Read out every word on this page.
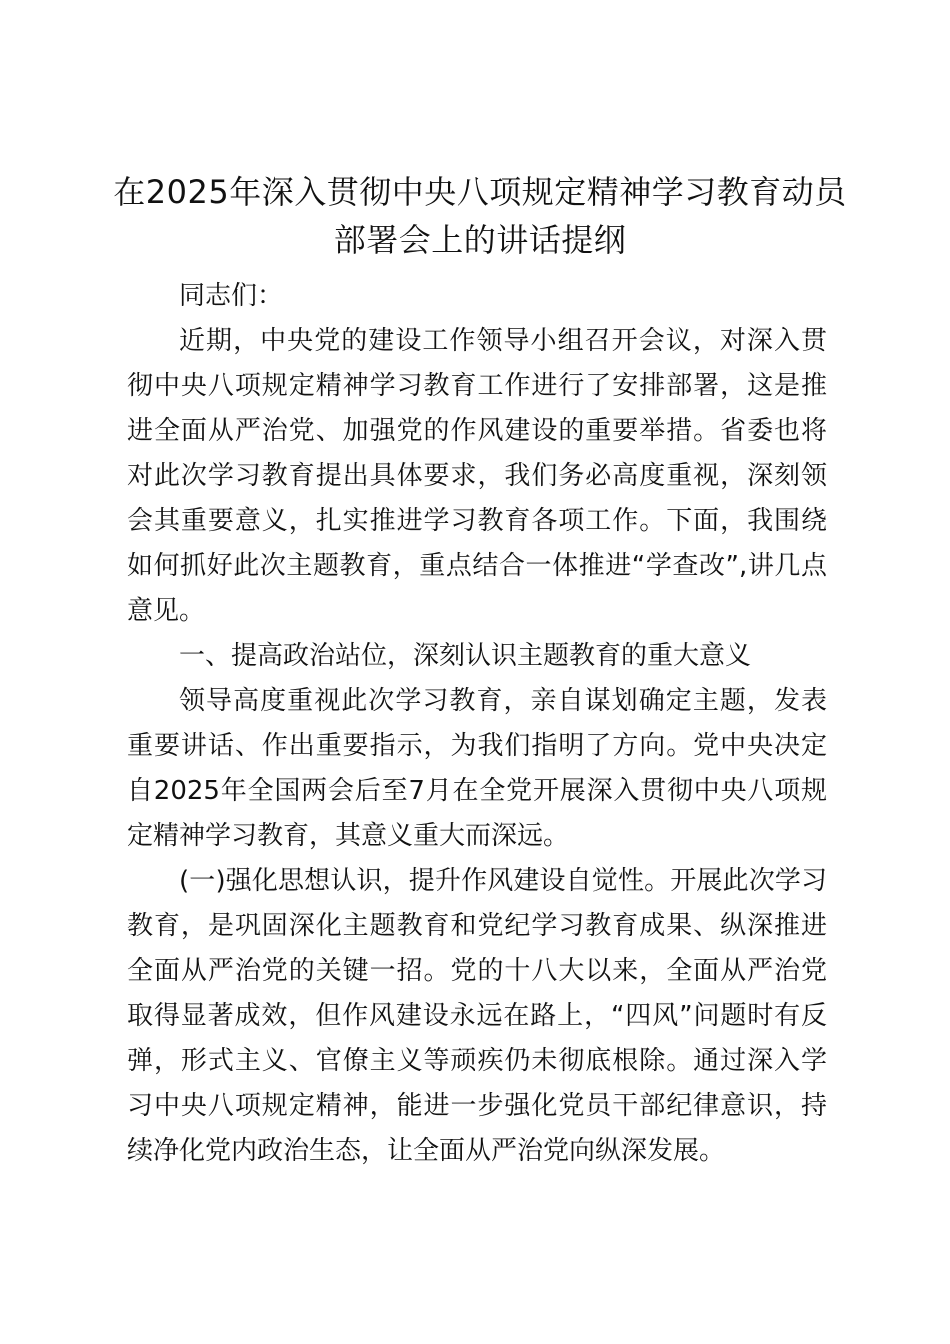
在2025年深入贯彻中央八项规定精神学习教育动员部署会上的讲话提纲

同志们：

近期，中央党的建设工作领导小组召开会议，对深入贯彻中央八项规定精神学习教育工作进行了安排部署，这是推进全面从严治党、加强党的作风建设的重要举措。省委也将对此次学习教育提出具体要求，我们务必高度重视，深刻领会其重要意义，扎实推进学习教育各项工作。下面，我围绕如何抓好此次主题教育，重点结合一体推进“学查改”,讲几点意见。

一、提高政治站位，深刻认识主题教育的重大意义

领导高度重视此次学习教育，亲自谋划确定主题，发表重要讲话、作出重要指示，为我们指明了方向。党中央决定自2025年全国两会后至7月在全党开展深入贯彻中央八项规定精神学习教育，其意义重大而深远。

(一)强化思想认识，提升作风建设自觉性。开展此次学习教育，是巩固深化主题教育和党纪学习教育成果、纵深推进全面从严治党的关键一招。党的十八大以来，全面从严治党取得显著成效，但作风建设永远在路上，“四风”问题时有反弹，形式主义、官僚主义等顽疾仍未彻底根除。通过深入学习中央八项规定精神，能进一步强化党员干部纪律意识，持续净化党内政治生态，让全面从严治党向纵深发展。
